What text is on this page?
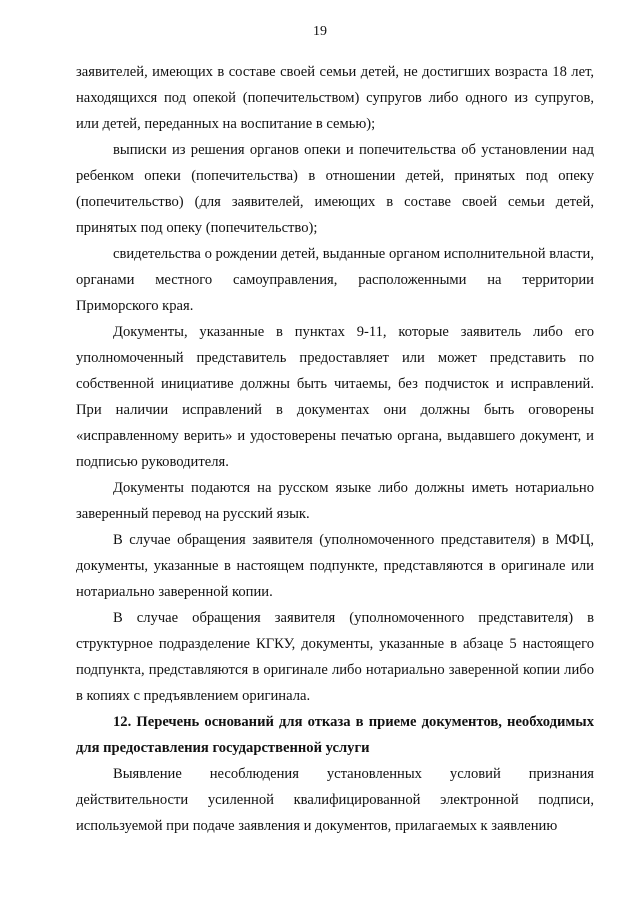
19

заявителей, имеющих в составе своей семьи детей, не достигших возраста 18 лет, находящихся под опекой (попечительством) супругов либо одного из супругов, или детей, переданных на воспитание в семью);

выписки из решения органов опеки и попечительства об установлении над ребенком опеки (попечительства) в отношении детей, принятых под опеку (попечительство) (для заявителей, имеющих в составе своей семьи детей, принятых под опеку (попечительство);

свидетельства о рождении детей, выданные органом исполнительной власти, органами местного самоуправления, расположенными на территории Приморского края.

Документы, указанные в пунктах 9-11, которые заявитель либо его уполномоченный представитель предоставляет или может представить по собственной инициативе должны быть читаемы, без подчисток и исправлений. При наличии исправлений в документах они должны быть оговорены «исправленному верить» и удостоверены печатью органа, выдавшего документ, и подписью руководителя.

Документы подаются на русском языке либо должны иметь нотариально заверенный перевод на русский язык.

В случае обращения заявителя (уполномоченного представителя) в МФЦ, документы, указанные в настоящем подпункте, представляются в оригинале или нотариально заверенной копии.

В случае обращения заявителя (уполномоченного представителя) в структурное подразделение КГКУ, документы, указанные в абзаце 5 настоящего подпункта, представляются в оригинале либо нотариально заверенной копии либо в копиях с предъявлением оригинала.

12. Перечень оснований для отказа в приеме документов, необходимых для предоставления государственной услуги

Выявление несоблюдения установленных условий признания действительности усиленной квалифицированной электронной подписи, используемой при подаче заявления и документов, прилагаемых к заявлению
